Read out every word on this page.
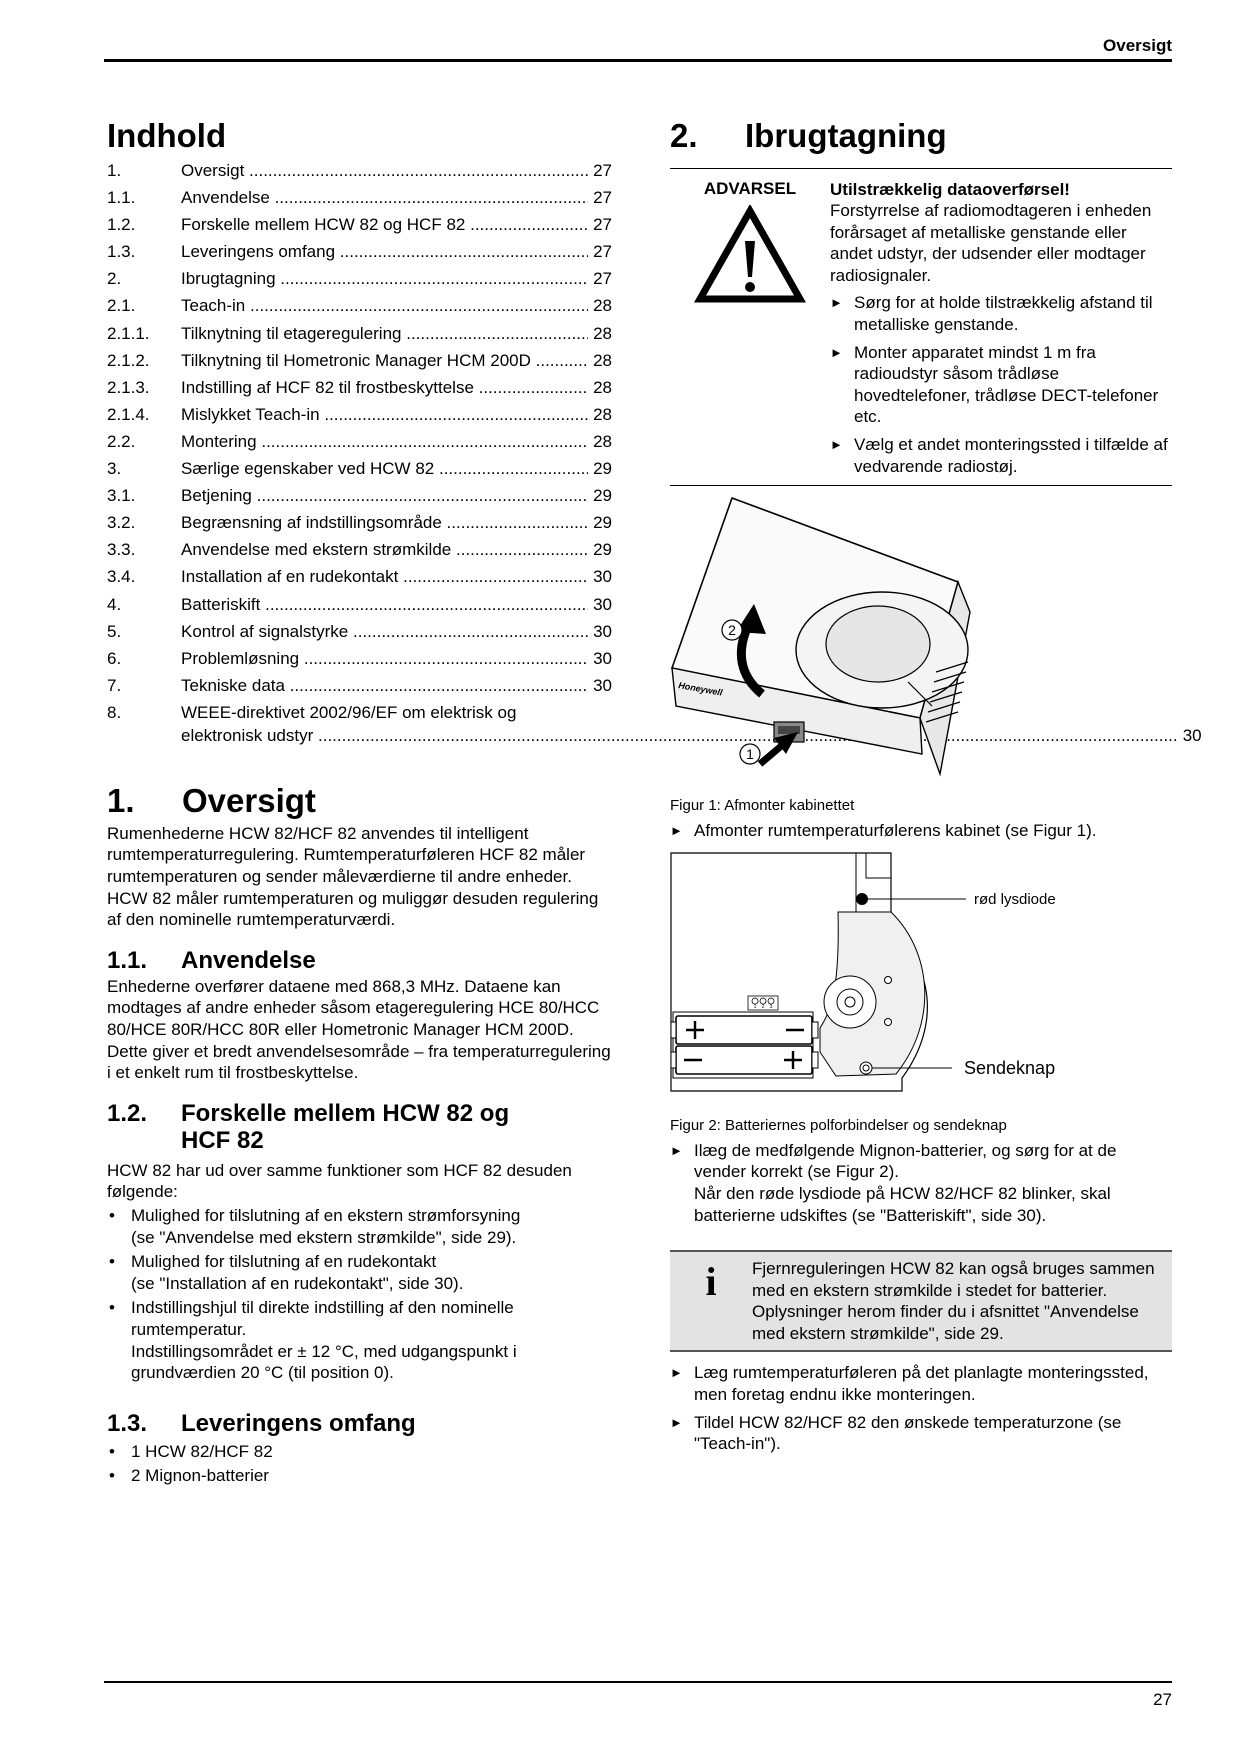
Oversigt
Indhold
1.	Oversigt .....	27
1.1.	Anvendelse .....	27
1.2.	Forskelle mellem HCW 82 og HCF 82 .....	27
1.3.	Leveringens omfang .....	27
2.	Ibrugtagning .....	27
2.1.	Teach-in .....	28
2.1.1.	Tilknytning til etageregulering .....	28
2.1.2.	Tilknytning til Hometronic Manager HCM 200D .....	28
2.1.3.	Indstilling af HCF 82 til frostbeskyttelse .....	28
2.1.4.	Mislykket Teach-in .....	28
2.2.	Montering .....	28
3.	Særlige egenskaber ved HCW 82 .....	29
3.1.	Betjening .....	29
3.2.	Begrænsning af indstillingsområde .....	29
3.3.	Anvendelse med ekstern strømkilde .....	29
3.4.	Installation af en rudekontakt .....	30
4.	Batteriskift .....	30
5.	Kontrol af signalstyrke .....	30
6.	Problemløsning .....	30
7.	Tekniske data .....	30
8.	WEEE-direktivet 2002/96/EF om elektrisk og
elektronisk udstyr .....	30
1.	Oversigt

Rumenhederne HCW 82/HCF 82 anvendes til intelligent rumtemperaturregulering. Rumtemperaturføleren HCF 82 måler rumtemperaturen og sender måleværdierne til andre enheder.

HCW 82 måler rumtemperaturen og muliggør desuden regulering af den nominelle rumtemperaturværdi.

1.1.	Anvendelse

Enhederne overfører dataene med 868,3 MHz. Dataene kan modtages af andre enheder såsom etageregulering HCE 80/HCC 80/HCE 80R/HCC 80R eller Hometronic Manager HCM 200D.

Dette giver et bredt anvendelsesområde – fra temperaturregulering i et enkelt rum til frostbeskyttelse.

1.2.	Forskelle mellem HCW 82 og
HCF 82

HCW 82 har ud over samme funktioner som HCF 82 desuden følgende:

• Mulighed for tilslutning af en ekstern strømforsyning
(se "Anvendelse med ekstern strømkilde", side 29).
• Mulighed for tilslutning af en rudekontakt
(se "Installation af en rudekontakt", side 30).
• Indstillingshjul til direkte indstilling af den nominelle rumtemperatur.
Indstillingsområdet er ± 12 °C, med udgangspunkt i grundværdien 20 °C (til position 0).
1.3.	Leveringens omfang
• 1 HCW 82/HCF 82
• 2 Mignon-batterier
2.	Ibrugtagning
ADVARSEL	Utilstrækkelig dataoverførsel!

Forstyrrelse af radiomodtageren i enheden forårsaget af metalliske genstande eller andet udstyr, der udsender eller modtager radiosignaler.

► Sørg for at holde tilstrækkelig afstand til metalliske genstande.
► Monter apparatet mindst 1 m fra radioudstyr såsom trådløse hovedtelefoner, trådløse DECT-telefoner etc.
► Vælg et andet monteringssted i tilfælde af vedvarende radiostøj.
2
1
Honeywell
Figur 1: Afmonter kabinettet
► Afmonter rumtemperaturfølerens kabinet (se Figur 1).
rød lysdiode
Sendeknap
1 2 3
Figur 2: Batteriernes polforbindelser og sendeknap
► Ilæg de medfølgende Mignon-batterier, og sørg for at de vender korrekt (se Figur 2).
Når den røde lysdiode på HCW 82/HCF 82 blinker, skal batterierne udskiftes (se "Batteriskift", side 30).
i	Fjernreguleringen HCW 82 kan også bruges sammen med en ekstern strømkilde i stedet for batterier. Oplysninger herom finder du i afsnittet "Anvendelse med ekstern strømkilde", side 29.

► Læg rumtemperaturføleren på det planlagte monteringssted, men foretag endnu ikke monteringen.
► Tildel HCW 82/HCF 82 den ønskede temperaturzone (se "Teach-in").
27
